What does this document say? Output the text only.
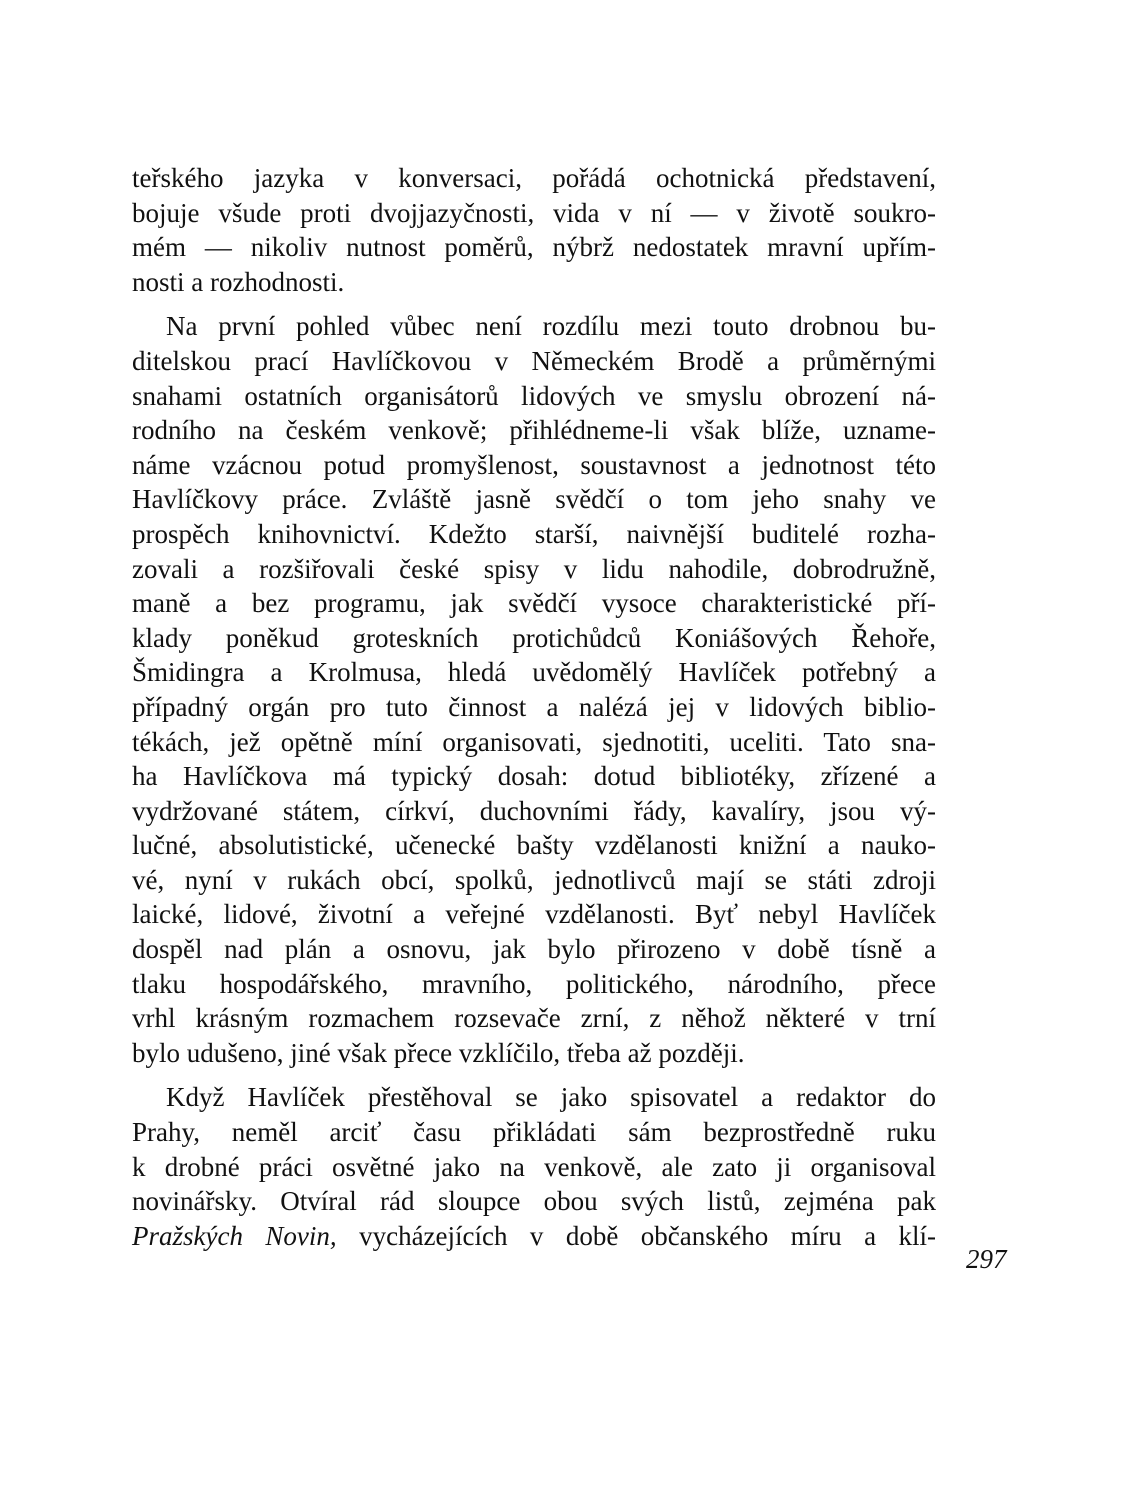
teřského jazyka v konversaci, pořádá ochotnická představení,
bojuje všude proti dvojjazyčnosti, vida v ní — v životě soukro-
mém — nikoliv nutnost poměrů, nýbrž nedostatek mravní upřím-
nosti a rozhodnosti.
Na první pohled vůbec není rozdílu mezi touto drobnou bu-
ditelskou prací Havlíčkovou v Německém Brodě a průměrnými
snahami ostatních organisátorů lidových ve smyslu obrození ná-
rodního na českém venkově; přihlédneme-li však blíže, uzname-
náme vzácnou potud promyšlenost, soustavnost a jednotnost této
Havlíčkovy práce. Zvláště jasně svědčí o tom jeho snahy ve
prospěch knihovnictví. Kdežto starší, naivnější buditelé rozha-
zovali a rozšiřovali české spisy v lidu nahodile, dobrodružně,
maně a bez programu, jak svědčí vysoce charakteristické pří-
klady poněkud groteskních protichůdců Koniášových Řehoře,
Šmidingra a Krolmusa, hledá uvědomělý Havlíček potřebný a
případný orgán pro tuto činnost a nalézá jej v lidových biblio-
tékách, jež opětně míní organisovati, sjednotiti, uceliti. Tato sna-
ha Havlíčkova má typický dosah: dotud bibliotéky, zřízené a
vydržované státem, církví, duchovními řády, kavalíry, jsou vý-
lučné, absolutistické, učenecké bašty vzdělanosti knižní a nauko-
vé, nyní v rukách obcí, spolků, jednotlivců mají se státi zdroji
laické, lidové, životní a veřejné vzdělanosti. Byť nebyl Havlíček
dospěl nad plán a osnovu, jak bylo přirozeno v době tísně a
tlaku hospodářského, mravního, politického, národního, přece
vrhl krásným rozmachem rozsevače zrní, z něhož některé v trní
bylo udušeno, jiné však přece vzklíčilo, třeba až později.
Když Havlíček přestěhoval se jako spisovatel a redaktor do
Prahy, neměl arciť času přikládati sám bezprostředně ruku
k drobné práci osvětné jako na venkově, ale zato ji organisoval
novinářsky. Otvíral rád sloupce obou svých listů, zejména pak
Pražských Novin, vycházejících v době občanského míru a klí-
297
